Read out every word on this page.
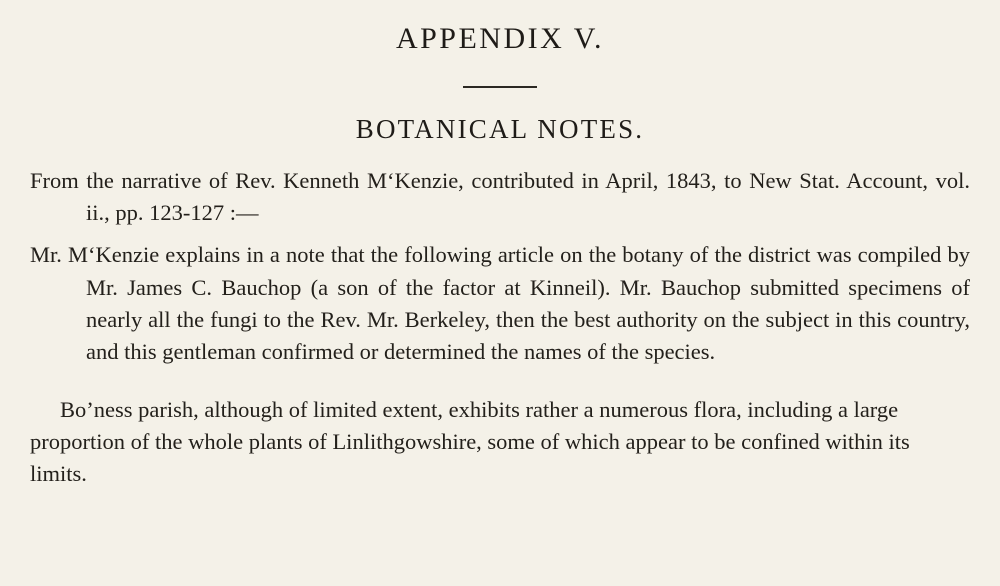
APPENDIX V.
BOTANICAL NOTES.

From the narrative of Rev. Kenneth M‘Kenzie, contributed in April, 1843, to New Stat. Account, vol. ii., pp. 123-127 :—

Mr. M‘Kenzie explains in a note that the following article on the botany of the district was compiled by Mr. James C. Bauchop (a son of the factor at Kinneil). Mr. Bauchop submitted specimens of nearly all the fungi to the Rev. Mr. Berkeley, then the best authority on the subject in this country, and this gentleman confirmed or determined the names of the species.

Bo’ness parish, although of limited extent, exhibits rather a numerous flora, including a large proportion of the whole plants of Linlithgowshire, some of which appear to be confined within its limits.
